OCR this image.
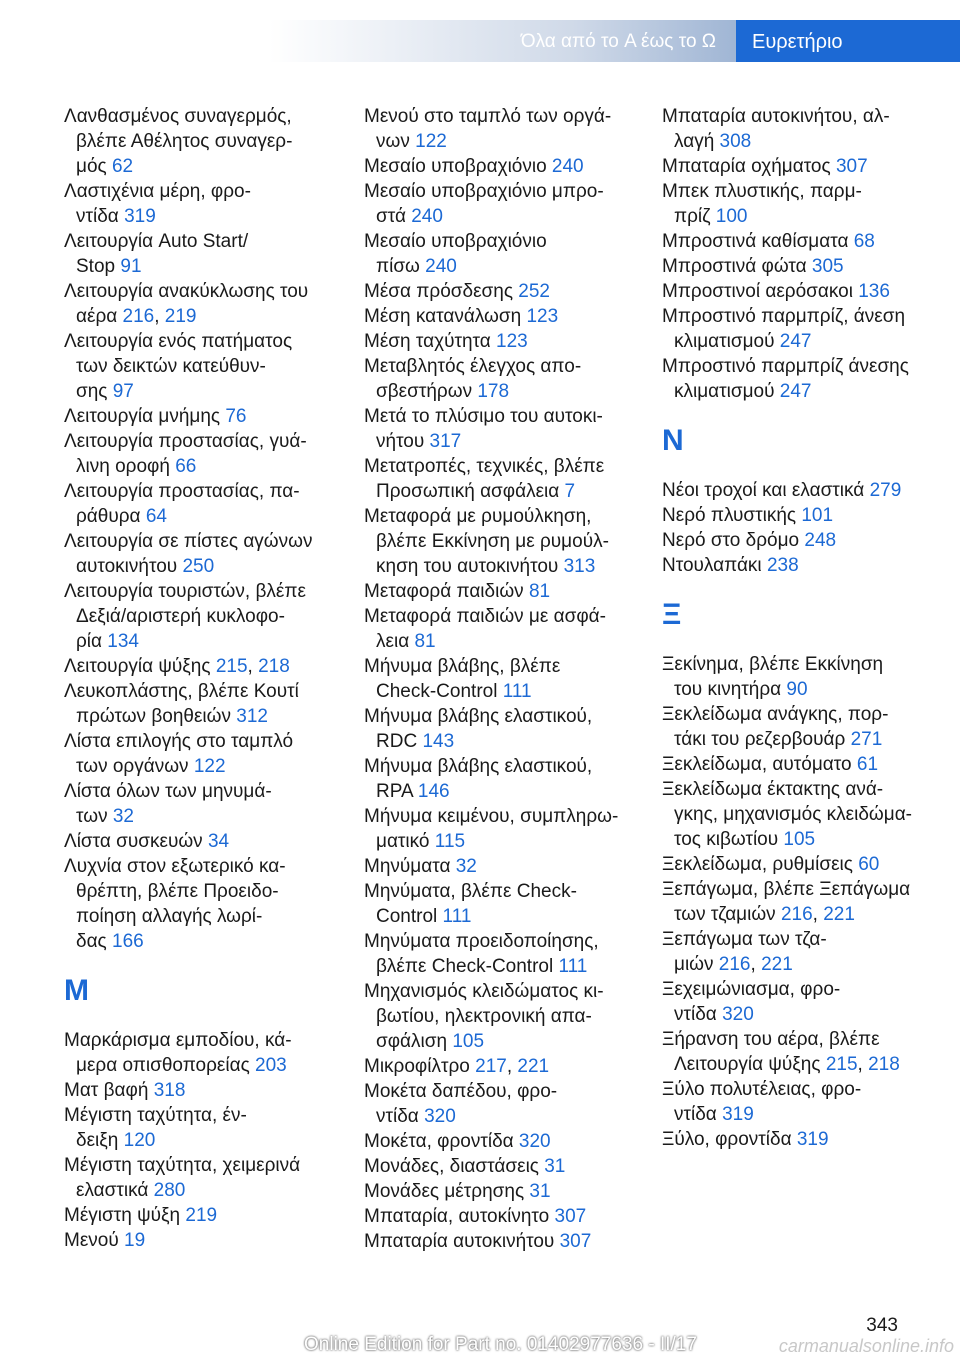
Όλα από το A έως το Ω	Ευρετήριο
Λανθασμένος συναγερμός,
βλέπε Αθέλητος συναγερ‐
μός 62
Λαστιχένια μέρη, φρο‐
ντίδα 319
Λειτουργία Auto Start/
Stop 91
Λειτουργία ανακύκλωσης του
αέρα 216, 219
Λειτουργία ενός πατήματος
των δεικτών κατεύθυν‐
σης 97
Λειτουργία μνήμης 76
Λειτουργία προστασίας, γυά‐
λινη οροφή 66
Λειτουργία προστασίας, πα‐
ράθυρα 64
Λειτουργία σε πίστες αγώνων
αυτοκινήτου 250
Λειτουργία τουριστών, βλέπε
Δεξιά/αριστερή κυκλοφο‐
ρία 134
Λειτουργία ψύξης 215, 218
Λευκοπλάστης, βλέπε Κουτί
πρώτων βοηθειών 312
Λίστα επιλογής στο ταμπλό
των οργάνων 122
Λίστα όλων των μηνυμά‐
των 32
Λίστα συσκευών 34
Λυχνία στον εξωτερικό κα‐
θρέπτη, βλέπε Προειδο‐
ποίηση αλλαγής λωρί‐
δας 166
Μ
Μαρκάρισμα εμποδίου, κά‐
μερα οπισθοπορείας 203
Ματ βαφή 318
Μέγιστη ταχύτητα, έν‐
δειξη 120
Μέγιστη ταχύτητα, χειμερινά
ελαστικά 280
Μέγιστη ψύξη 219
Μενού 19
Μενού στο ταμπλό των οργά‐
νων 122
Μεσαίο υποβραχιόνιο 240
Μεσαίο υποβραχιόνιο μπρο‐
στά 240
Μεσαίο υποβραχιόνιο
πίσω 240
Μέσα πρόσδεσης 252
Μέση κατανάλωση 123
Μέση ταχύτητα 123
Μεταβλητός έλεγχος απο‐
σβεστήρων 178
Μετά το πλύσιμο του αυτοκι‐
νήτου 317
Μετατροπές, τεχνικές, βλέπε
Προσωπική ασφάλεια 7
Μεταφορά με ρυμούλκηση,
βλέπε Εκκίνηση με ρυμούλ‐
κηση του αυτοκινήτου 313
Μεταφορά παιδιών 81
Μεταφορά παιδιών με ασφά‐
λεια 81
Μήνυμα βλάβης, βλέπε
Check-Control 111
Μήνυμα βλάβης ελαστικού,
RDC 143
Μήνυμα βλάβης ελαστικού,
RPA 146
Μήνυμα κειμένου, συμπληρω‐
ματικό 115
Μηνύματα 32
Μηνύματα, βλέπε Check-
Control 111
Μηνύματα προειδοποίησης,
βλέπε Check-Control 111
Μηχανισμός κλειδώματος κι‐
βωτίου, ηλεκτρονική απα‐
σφάλιση 105
Μικροφίλτρο 217, 221
Μοκέτα δαπέδου, φρο‐
ντίδα 320
Μοκέτα, φροντίδα 320
Μονάδες, διαστάσεις 31
Μονάδες μέτρησης 31
Μπαταρία, αυτοκίνητο 307
Μπαταρία αυτοκινήτου 307
Μπαταρία αυτοκινήτου, αλ‐
λαγή 308
Μπαταρία οχήματος 307
Μπεκ πλυστικής, παρμ‐
πρίζ 100
Μπροστινά καθίσματα 68
Μπροστινά φώτα 305
Μπροστινοί αερόσακοι 136
Μπροστινό παρμπρίζ, άνεση
κλιματισμού 247
Μπροστινό παρμπρίζ άνεσης
κλιματισμού 247
Ν
Νέοι τροχοί και ελαστικά 279
Νερό πλυστικής 101
Νερό στο δρόμο 248
Ντουλαπάκι 238
Ξ
Ξεκίνημα, βλέπε Εκκίνηση
του κινητήρα 90
Ξεκλείδωμα ανάγκης, πορ‐
τάκι του ρεζερβουάρ 271
Ξεκλείδωμα, αυτόματο 61
Ξεκλείδωμα έκτακτης ανά‐
γκης, μηχανισμός κλειδώμα‐
τος κιβωτίου 105
Ξεκλείδωμα, ρυθμίσεις 60
Ξεπάγωμα, βλέπε Ξεπάγωμα
των τζαμιών 216, 221
Ξεπάγωμα των τζα‐
μιών 216, 221
Ξεχειμώνιασμα, φρο‐
ντίδα 320
Ξήρανση του αέρα, βλέπε
Λειτουργία ψύξης 215, 218
Ξύλο πολυτέλειας, φρο‐
ντίδα 319
Ξύλο, φροντίδα 319
343
Online Edition for Part no. 01402977636 - II/17	carmanualsonline.info
